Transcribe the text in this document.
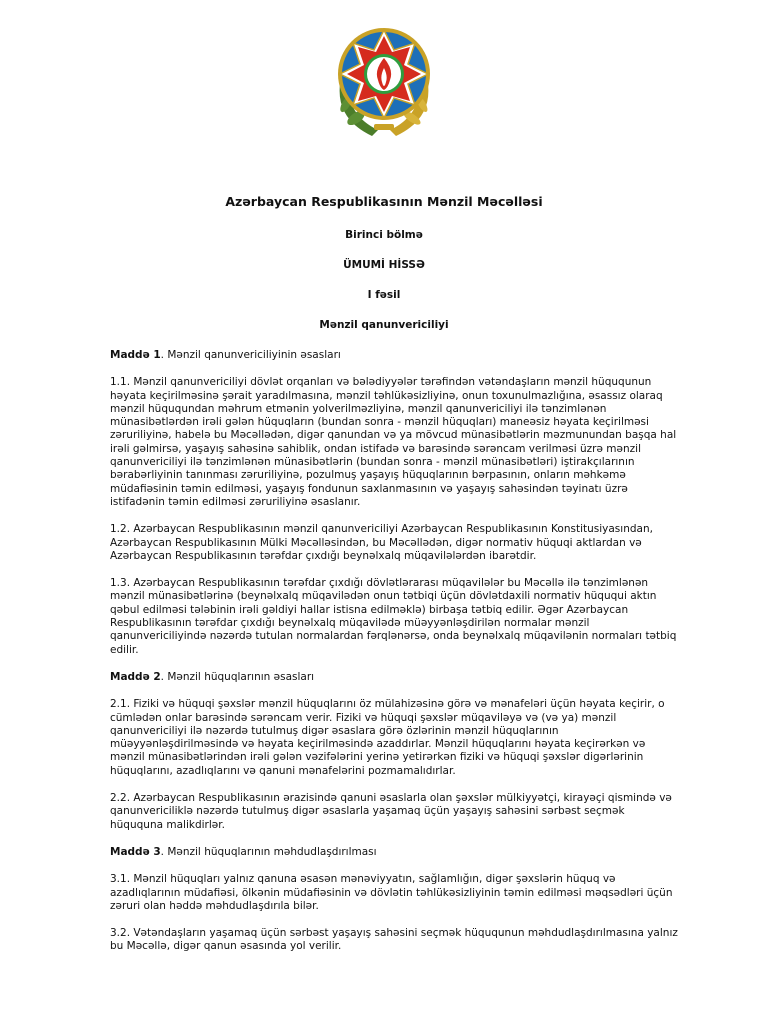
Azərbaycan Respublikasının Mənzil Məcəlləsi
Birinci bölmə
ÜMUMİ HİSSƏ
I fəsil
Mənzil qanunvericiliyi

Maddə 1. Mənzil qanunvericiliyinin əsasları

1.1. Mənzil qanunvericiliyi dövlət orqanları və bələdiyyələr tərəfindən vətəndaşların mənzil hüququnun həyata keçirilməsinə şərait yaradılmasına, mənzil təhlükəsizliyinə, onun toxunulmazlığına, əsassız olaraq mənzil hüququndan məhrum etmənin yolverilməzliyinə, mənzil qanunvericiliyi ilə tənzimlənən münasibətlərdən irəli gələn hüquqların (bundan sonra - mənzil hüquqları) maneəsiz həyata keçirilməsi zəruriliyinə, habelə bu Məcəllədən, digər qanundan və ya mövcud münasibətlərin məzmunundan başqa hal irəli gəlmirsə, yaşayış sahəsinə sahiblik, ondan istifadə və barəsində sərəncam verilməsi üzrə mənzil qanunvericiliyi ilə tənzimlənən münasibətlərin (bundan sonra - mənzil münasibətləri) iştirakçılarının bərabərliyinin tanınması zəruriliyinə, pozulmuş yaşayış hüquqlarının bərpasının, onların məhkəmə müdafiəsinin təmin edilməsi, yaşayış fondunun saxlanmasının və yaşayış sahəsindən təyinatı üzrə istifadənin təmin edilməsi zəruriliyinə əsaslanır.

1.2. Azərbaycan Respublikasının mənzil qanunvericiliyi Azərbaycan Respublikasının Konstitusiyasından, Azərbaycan Respublikasının Mülki Məcəlləsindən, bu Məcəllədən, digər normativ hüquqi aktlardan və Azərbaycan Respublikasının tərəfdar çıxdığı beynəlxalq müqavilələrdən ibarətdir.

1.3. Azərbaycan Respublikasının tərəfdar çıxdığı dövlətlərarası müqavilələr bu Məcəllə ilə tənzimlənən mənzil münasibətlərinə (beynəlxalq müqavilədən onun tətbiqi üçün dövlətdaxili normativ hüququi aktın qəbul edilməsi tələbinin irəli gəldiyi hallar istisna edilməklə) birbaşa tətbiq edilir. Əgər Azərbaycan Respublikasının tərəfdar çıxdığı beynəlxalq müqavilədə müəyyənləşdirilən normalar mənzil qanunvericiliyində nəzərdə tutulan normalardan fərqlənərsə, onda beynəlxalq müqavilənin normaları tətbiq edilir.

Maddə 2. Mənzil hüquqlarının əsasları

2.1. Fiziki və hüquqi şəxslər mənzil hüquqlarını öz mülahizəsinə görə və mənafeləri üçün həyata keçirir, o cümlədən onlar barəsində sərəncam verir. Fiziki və hüquqi şəxslər müqaviləyə və (və ya) mənzil qanunvericiliyi ilə nəzərdə tutulmuş digər əsaslara görə özlərinin mənzil hüquqlarının müəyyənləşdirilməsində və həyata keçirilməsində azaddırlar. Mənzil hüquqlarını həyata keçirərkən və mənzil münasibətlərindən irəli gələn vəzifələrini yerinə yetirərkən fiziki və hüquqi şəxslər digərlərinin hüquqlarını, azadlıqlarını və qanuni mənafelərini pozmamalıdırlar.

2.2. Azərbaycan Respublikasının ərazisində qanuni əsaslarla olan şəxslər mülkiyyətçi, kirayəçi qismində və qanunvericiliklə nəzərdə tutulmuş digər əsaslarla yaşamaq üçün yaşayış sahəsini sərbəst seçmək hüququna malikdirlər.

Maddə 3. Mənzil hüquqlarının məhdudlaşdırılması

3.1. Mənzil hüquqları yalnız qanuna əsasən mənəviyyatın, sağlamlığın, digər şəxslərin hüquq və azadlıqlarının müdafiəsi, ölkənin müdafiəsinin və dövlətin təhlükəsizliyinin təmin edilməsi məqsədləri üçün zəruri olan həddə məhdudlaşdırıla bilər.

3.2. Vətəndaşların yaşamaq üçün sərbəst yaşayış sahəsini seçmək hüququnun məhdudlaşdırılmasına yalnız bu Məcəllə, digər qanun əsasında yol verilir.
